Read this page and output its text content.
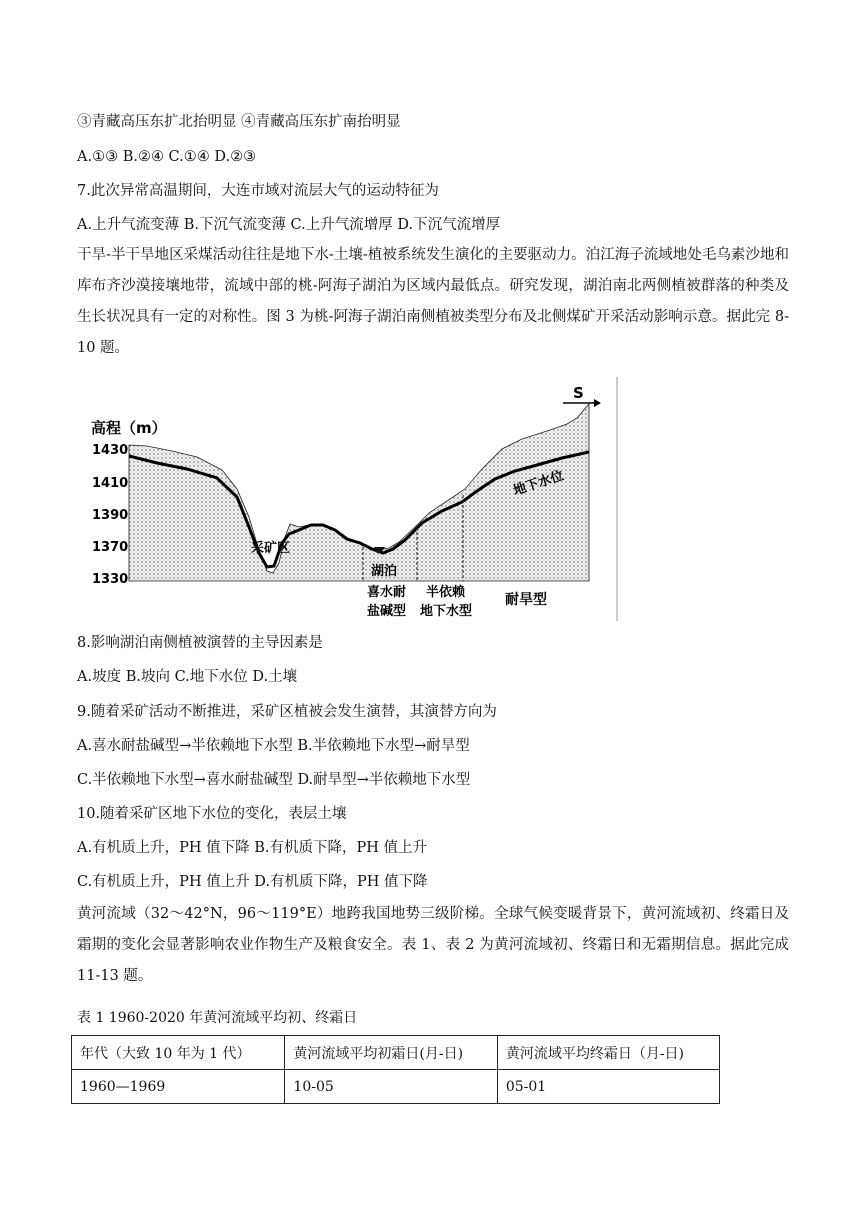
③青藏高压东扩北抬明显 ④青藏高压东扩南抬明显
A.①③ B.②④ C.①④ D.②③
7.此次异常高温期间，大连市域对流层大气的运动特征为
A.上升气流变薄 B.下沉气流变薄 C.上升气流增厚 D.下沉气流增厚
干旱-半干旱地区采煤活动往往是地下水-土壤-植被系统发生演化的主要驱动力。泊江海子流域地处毛乌素沙地和库布齐沙漠接壤地带，流域中部的桃-阿海子湖泊为区域内最低点。研究发现，湖泊南北两侧植被群落的种类及生长状况具有一定的对称性。图 3 为桃-阿海子湖泊南侧植被类型分布及北侧煤矿开采活动影响示意。据此完 8-10 题。
S
高程（m）
1430
1410
1390
1370
1330
采矿区
湖泊
地下水位
喜水耐
盐碱型
半依赖
地下水型
耐旱型
8.影响湖泊南侧植被演替的主导因素是
A.坡度 B.坡向 C.地下水位 D.土壤
9.随着采矿活动不断推进，采矿区植被会发生演替，其演替方向为
A.喜水耐盐碱型→半依赖地下水型 B.半依赖地下水型→耐旱型
C.半依赖地下水型→喜水耐盐碱型 D.耐旱型→半依赖地下水型
10.随着采矿区地下水位的变化，表层土壤
A.有机质上升，PH 值下降 B.有机质下降，PH 值上升
C.有机质上升，PH 值上升 D.有机质下降，PH 值下降
黄河流域（32～42°N，96～119°E）地跨我国地势三级阶梯。全球气候变暖背景下，黄河流域初、终霜日及霜期的变化会显著影响农业作物生产及粮食安全。表 1、表 2 为黄河流域初、终霜日和无霜期信息。据此完成 11-13 题。
表 1 1960-2020 年黄河流域平均初、终霜日
年代（大致 10 年为 1 代）	黄河流域平均初霜日(月-日)	黄河流域平均终霜日（月-日)
1960—1969	10-05	05-01
